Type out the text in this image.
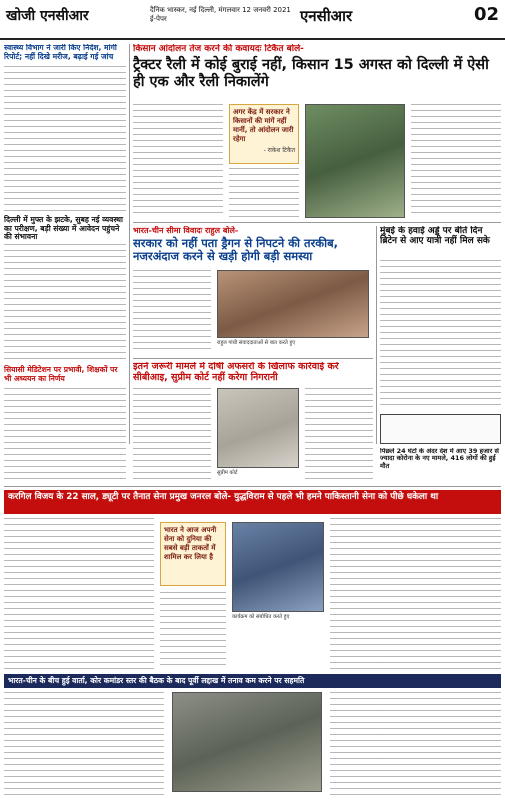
खोजी एनसीआर	दैनिक भास्कर, नई दिल्ली, मंगलवार 12 जनवरी 2021
ई-पेपर	एनसीआर	02
स्वास्थ्य विभाग ने जारी किए निर्देश, मांगी रिपोर्ट; नहीं दिखे मरीज, बढ़ाई गई जांच
दिल्ली में मुफ्त के झटके, सुबह नई व्यवस्था का परीक्षण, बड़ी संख्या में आवेदन पहुंचने की संभावना
सियासी मेडिटेशन पर प्रभावी, शिक्षकों पर भी अध्ययन का निर्णय
किसान आंदोलन तेज करने की कवायदः टिकैत बोले-
ट्रैक्टर रैली में कोई बुराई नहीं, किसान 15 अगस्त को दिल्ली में ऐसी ही एक और रैली निकालेंगे
अगर केंद्र में सरकार ने किसानों की मांगें नहीं मानीं, तो आंदोलन जारी रहेगा
- राकेश टिकैत
भारत-चीन सीमा विवादः राहुल बोले-
सरकार को नहीं पता ड्रैगन से निपटने की तरकीब, नजरअंदाज करने से खड़ी होगी बड़ी समस्या
राहुल गांधी संवाददाताओं से बात करते हुए
मुंबई के हवाई अड्डे पर बीते दिन ब्रिटेन से आए यात्री नहीं मिल सके
इतने जरूरी मामले में दोषी अफसरों के खिलाफ कार्रवाई करें सीबीआइ, सुप्रीम कोर्ट नहीं करेगा निगरानी
सुप्रीम कोर्ट
पिछले 24 घंटों के अंदर देश में आए 39 हजार से ज्यादा कोरोना के नए मामले, 416 लोगों की हुई मौत
करगिल विजय के 22 साल, ड्यूटी पर तैनात सेना प्रमुख जनरल बोले- युद्धविराम से पहले भी हमने पाकिस्तानी सेना को पीछे धकेला था
भारत ने आज अपनी सेना को दुनिया की सबसे बड़ी ताकतों में शामिल कर लिया है
कार्यक्रम को संबोधित करते हुए
भारत-चीन के बीच हुई वार्ता, कोर कमांडर स्तर की बैठक के बाद पूर्वी लद्दाख में तनाव कम करने पर सहमति
